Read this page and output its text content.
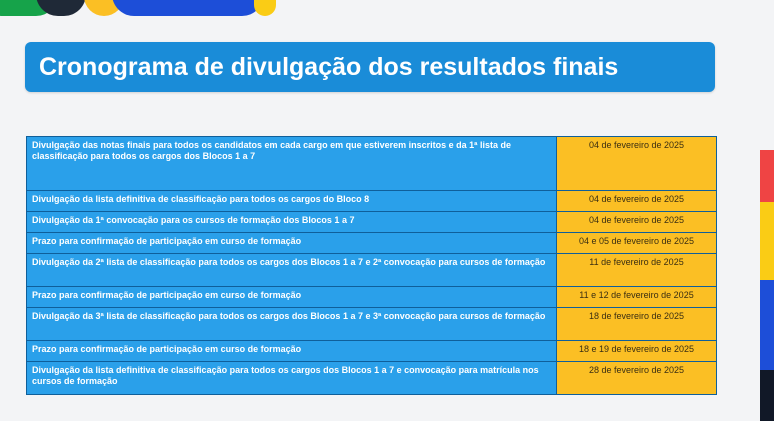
Cronograma de divulgação dos resultados finais
Divulgação das notas finais para todos os candidatos em cada cargo em que estiverem inscritos e da 1ª lista de classificação para todos os cargos dos Blocos 1 a 7	04 de fevereiro de 2025
Divulgação da lista definitiva de classificação para todos os cargos do Bloco 8	04 de fevereiro de 2025
Divulgação da 1ª convocação para os cursos de formação dos Blocos 1 a 7	04 de fevereiro de 2025
Prazo para confirmação de participação em curso de formação	04 e 05 de fevereiro de 2025
Divulgação da 2ª lista de classificação para todos os cargos dos Blocos 1 a 7 e 2ª convocação para cursos de formação	11 de fevereiro de 2025
Prazo para confirmação de participação em curso de formação	11 e 12 de fevereiro de 2025
Divulgação da 3ª lista de classificação para todos os cargos dos Blocos 1 a 7 e 3ª convocação para cursos de formação	18 de fevereiro de 2025
Prazo para confirmação de participação em curso de formação	18 e 19 de fevereiro de 2025
Divulgação da lista definitiva de classificação para todos os cargos dos Blocos 1 a 7 e convocação para matrícula nos cursos de formação	28 de fevereiro de 2025
